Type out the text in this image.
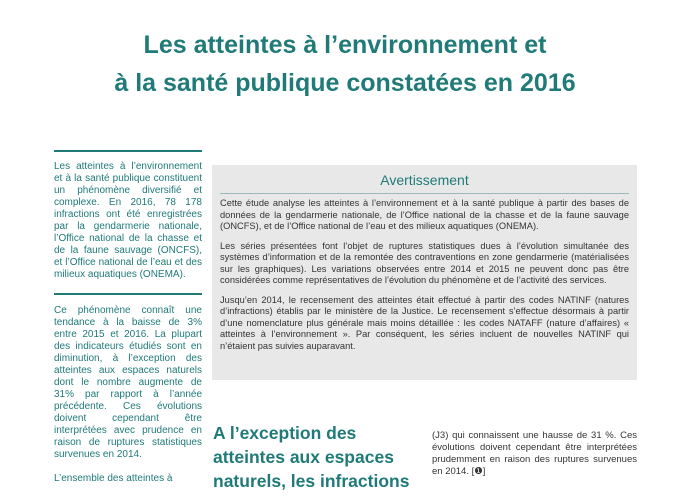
Les atteintes à l’environnement et
à la santé publique constatées en 2016

Les atteintes à l’environnement et à la santé publique constituent un phénomène diversifié et complexe. En 2016, 78 178 infractions ont été enregistrées par la gendarmerie nationale, l’Office national de la chasse et de la faune sauvage (ONCFS), et l’Office national de l’eau et des milieux aquatiques (ONEMA).

Ce phénomène connaît une tendance à la baisse de 3% entre 2015 et 2016. La plupart des indicateurs étudiés sont en diminution, à l’exception des atteintes aux espaces naturels dont le nombre augmente de 31% par rapport à l’année précédente. Ces évolutions doivent cependant être interprétées avec prudence en raison de ruptures statistiques survenues en 2014.

L’ensemble des atteintes à

Avertissement

Cette étude analyse les atteintes à l’environnement et à la santé publique à partir des bases de données de la gendarmerie nationale, de l’Office national de la chasse et de la faune sauvage (ONCFS), et de l’Office national de l’eau et des milieux aquatiques (ONEMA).

Les séries présentées font l’objet de ruptures statistiques dues à l’évolution simultanée des systèmes d’information et de la remontée des contraventions en zone gendarmerie (matérialisées sur les graphiques). Les variations observées entre 2014 et 2015 ne peuvent donc pas être considérées comme représentatives de l’évolution du phénomène et de l’activité des services.

Jusqu’en 2014, le recensement des atteintes était effectué à partir des codes NATINF (natures d’infractions) établis par le ministère de la Justice. Le recensement s’effectue désormais à partir d’une nomenclature plus générale mais moins détaillée : les codes NATAFF (nature d’affaires) « atteintes à l’environnement ». Par conséquent, les séries incluent de nouvelles NATINF qui n’étaient pas suivies auparavant.

A l’exception des atteintes aux espaces naturels, les infractions

(J3) qui connaissent une hausse de 31 %. Ces évolutions doivent cependant être interprétées prudemment en raison des ruptures survenues en 2014. [❶]
